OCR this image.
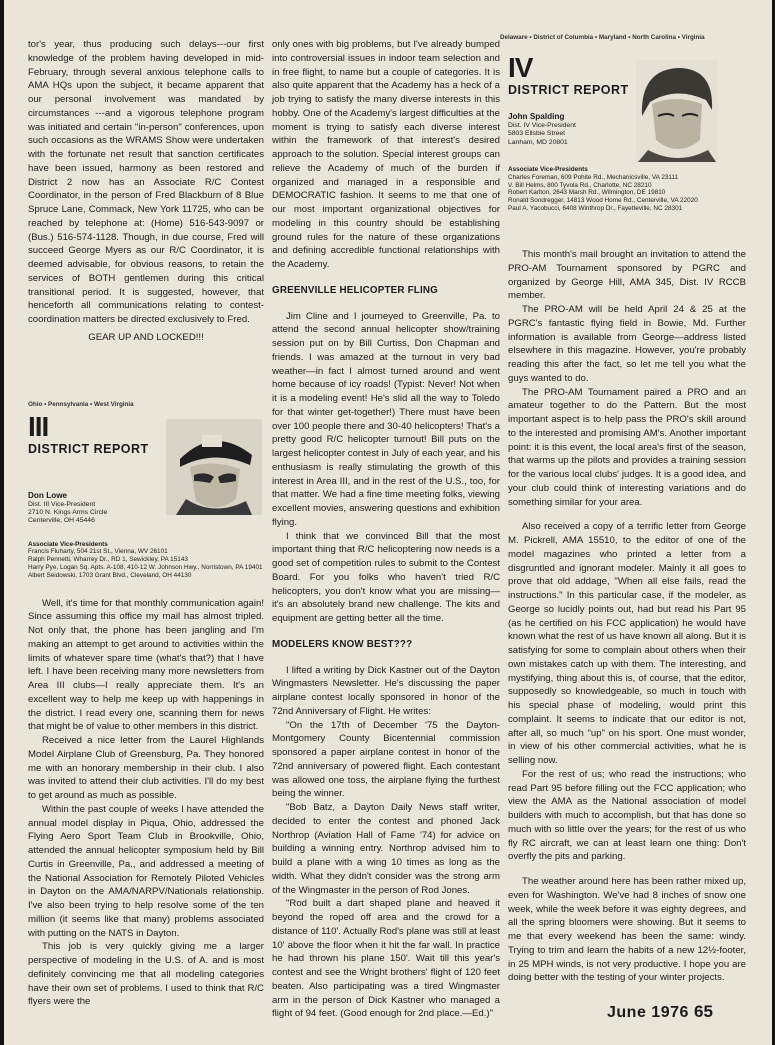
tor's year, thus producing such delays---our first knowledge of the problem having developed in mid-February, through several anxious telephone calls to AMA HQs upon the subject, it became apparent that our personal involvement was mandated by circumstances ---and a vigorous telephone program was initiated and certain "in-person" conferences, upon such occasions as the WRAMS Show were undertaken with the fortunate net result that sanction certificates have been issued, harmony as been restored and District 2 now has an Associate R/C Contest Coordinator, in the person of Fred Blackburn of 8 Blue Spruce Lane, Commack, New York 11725, who can be reached by telephone at: (Home) 516-543-9097 or (Bus.) 516-574-1128. Though, in due course, Fred will succeed George Myers as our R/C Coordinator, it is deemed advisable, for obvious reasons, to retain the services of BOTH gentlemen during this critical transitional period. It is suggested, however, that henceforth all communications relating to contest-coordination matters be directed exclusively to Fred.

GEAR UP AND LOCKED!!!

Ohio • Pennsylvania • West Virginia
III
DISTRICT REPORT
Don Lowe
Dist. III Vice-President
2710 N. Kings Arms Circle
Centerville, OH 45446
Associate Vice-Presidents
Francis Fluharty, 504 21st St., Vienna, WV 26101
Ralph Pennetti, Wharrey Dr., RD 1, Sewickley, PA 15143
Harry Pye, Logan Sq. Apts. A-108, 410-12 W. Johnson Hwy., Norristown, PA 19401
Albert Seidowski, 1703 Grant Blvd., Cleveland, OH 44130

Well, it's time for that monthly communication again! Since assuming this office my mail has almost tripled. Not only that, the phone has been jangling and I'm making an attempt to get around to activities within the limits of whatever spare time (what's that?) that I have left. I have been receiving many more newsletters from Area III clubs—I really appreciate them. It's an excellent way to help me keep up with happenings in the district. I read every one, scanning them for news that might be of value to other members in this district.

Received a nice letter from the Laurel Highlands Model Airplane Club of Greensburg, Pa. They honored me with an honorary membership in their club. I also was invited to attend their club activities. I'll do my best to get around as much as possible.

Within the past couple of weeks I have attended the annual model display in Piqua, Ohio, addressed the Flying Aero Sport Team Club in Brookville, Ohio, attended the annual helicopter symposium held by Bill Curtis in Greenville, Pa., and addressed a meeting of the National Association for Remotely Piloted Vehicles in Dayton on the AMA/NARPV/Nationals relationship. I've also been trying to help resolve some of the ten million (it seems like that many) problems associated with putting on the NATS in Dayton.

This job is very quickly giving me a larger perspective of modeling in the U.S. of A. and is most definitely convincing me that all modeling categories have their own set of problems. I used to think that R/C flyers were the

only ones with big problems, but I've already bumped into controversial issues in indoor team selection and in free flight, to name but a couple of categories. It is also quite apparent that the Academy has a heck of a job trying to satisfy the many diverse interests in this hobby. One of the Academy's largest difficulties at the moment is trying to satisfy each diverse interest within the framework of that interest's desired approach to the solution. Special interest groups can relieve the Academy of much of the burden if organized and managed in a responsible and DEMOCRATIC fashion. It seems to me that one of our most important organizational objectives for modeling in this country should be establishing ground rules for the nature of these organizations and defining accredible functional relationships with the Academy.

GREENVILLE HELICOPTER FLING

Jim Cline and I journeyed to Greenville, Pa. to attend the second annual helicopter show/training session put on by Bill Curtiss, Don Chapman and friends. I was amazed at the turnout in very bad weather—in fact I almost turned around and went home because of icy roads! (Typist: Never! Not when it is a modeling event! He's slid all the way to Toledo for that winter get-together!) There must have been over 100 people there and 30-40 helicopters! That's a pretty good R/C helicopter turnout! Bill puts on the largest helicopter contest in July of each year, and his enthusiasm is really stimulating the growth of this interest in Area III, and in the rest of the U.S., too, for that matter. We had a fine time meeting folks, viewing excellent movies, answering questions and exhibition flying.

I think that we convinced Bill that the most important thing that R/C helicoptering now needs is a good set of competition rules to submit to the Contest Board. For you folks who haven't tried R/C helicopters, you don't know what you are missing—it's an absolutely brand new challenge. The kits and equipment are getting better all the time.

MODELERS KNOW BEST???

I lifted a writing by Dick Kastner out of the Dayton Wingmasters Newsletter. He's discussing the paper airplane contest locally sponsored in honor of the 72nd Anniversary of Flight. He writes:

"On the 17th of December '75 the Dayton-Montgomery County Bicentennial commission sponsored a paper airplane contest in honor of the 72nd anniversary of powered flight. Each contestant was allowed one toss, the airplane flying the furthest being the winner.

"Bob Batz, a Dayton Daily News staff writer, decided to enter the contest and phoned Jack Northrop (Aviation Hall of Fame '74) for advice on building a winning entry. Northrop advised him to build a plane with a wing 10 times as long as the width. What they didn't consider was the strong arm of the Wingmaster in the person of Rod Jones.

"Rod built a dart shaped plane and heaved it beyond the roped off area and the crowd for a distance of 110'. Actually Rod's plane was still at least 10' above the floor when it hit the far wall. In practice he had thrown his plane 150'. Wait till this year's contest and see the Wright brothers' flight of 120 feet beaten. Also participating was a tired Wingmaster arm in the person of Dick Kastner who managed a flight of 94 feet. (Good enough for 2nd place.—Ed.)"

Delaware • District of Columbia • Maryland • North Carolina • Virginia
IV
DISTRICT REPORT
John Spalding
Dist. IV Vice-President
5803 Ellsbie Street
Lanham, MD 20801
Associate Vice-Presidents
Charles Foreman, 609 Pohite Rd., Mechanicsville, VA 23111
V. Bill Helms, 800 Tyvola Rd., Charlotte, NC 28210
Robert Karlton, 2643 Marsh Rd., Wilmington, DE 19810
Ronald Sondregger, 14813 Wood Home Rd., Centerville, VA 22020
Paul A. Yacobucci, 6408 Winthrop Dr., Fayetteville, NC 28301

This month's mail brought an invitation to attend the PRO-AM Tournament sponsored by PGRC and organized by George Hill, AMA 345, Dist. IV RCCB member.

The PRO-AM will be held April 24 & 25 at the PGRC's fantastic flying field in Bowie, Md. Further information is available from George—address listed elsewhere in this magazine. However, you're probably reading this after the fact, so let me tell you what the guys wanted to do.

The PRO-AM Tournament paired a PRO and an amateur together to do the Pattern. But the most important aspect is to help pass the PRO's skill around to the interested and promising AM's. Another important point: it is this event, the local area's first of the season, that warms up the pilots and provides a training session for the various local clubs' judges. It is a good idea, and your club could think of interesting variations and do something similar for your area.

Also received a copy of a terrific letter from George M. Pickrell, AMA 15510, to the editor of one of the model magazines who printed a letter from a disgruntled and ignorant modeler. Mainly it all goes to prove that old addage, "When all else fails, read the instructions." In this particular case, if the modeler, as George so lucidly points out, had but read his Part 95 (as he certified on his FCC application) he would have known what the rest of us have known all along. But it is satisfying for some to complain about others when their own mistakes catch up with them. The interesting, and mystifying, thing about this is, of course, that the editor, supposedly so knowledgeable, so much in touch with his special phase of modeling, would print this complaint. It seems to indicate that our editor is not, after all, so much "up" on his sport. One must wonder, in view of his other commercial activities, what he is selling now.

For the rest of us; who read the instructions; who read Part 95 before filling out the FCC application; who view the AMA as the National association of model builders with much to accomplish, but that has done so much with so little over the years; for the rest of us who fly RC aircraft, we can at least learn one thing: Don't overfly the pits and parking.

The weather around here has been rather mixed up, even for Washington. We've had 8 inches of snow one week, while the week before it was eighty degrees, and all the spring bloomers were showing. But it seems to me that every weekend has been the same: windy. Trying to trim and learn the habits of a new 12½-footer, in 25 MPH winds, is not very productive. I hope you are doing better with the testing of your winter projects.

June 1976 65
